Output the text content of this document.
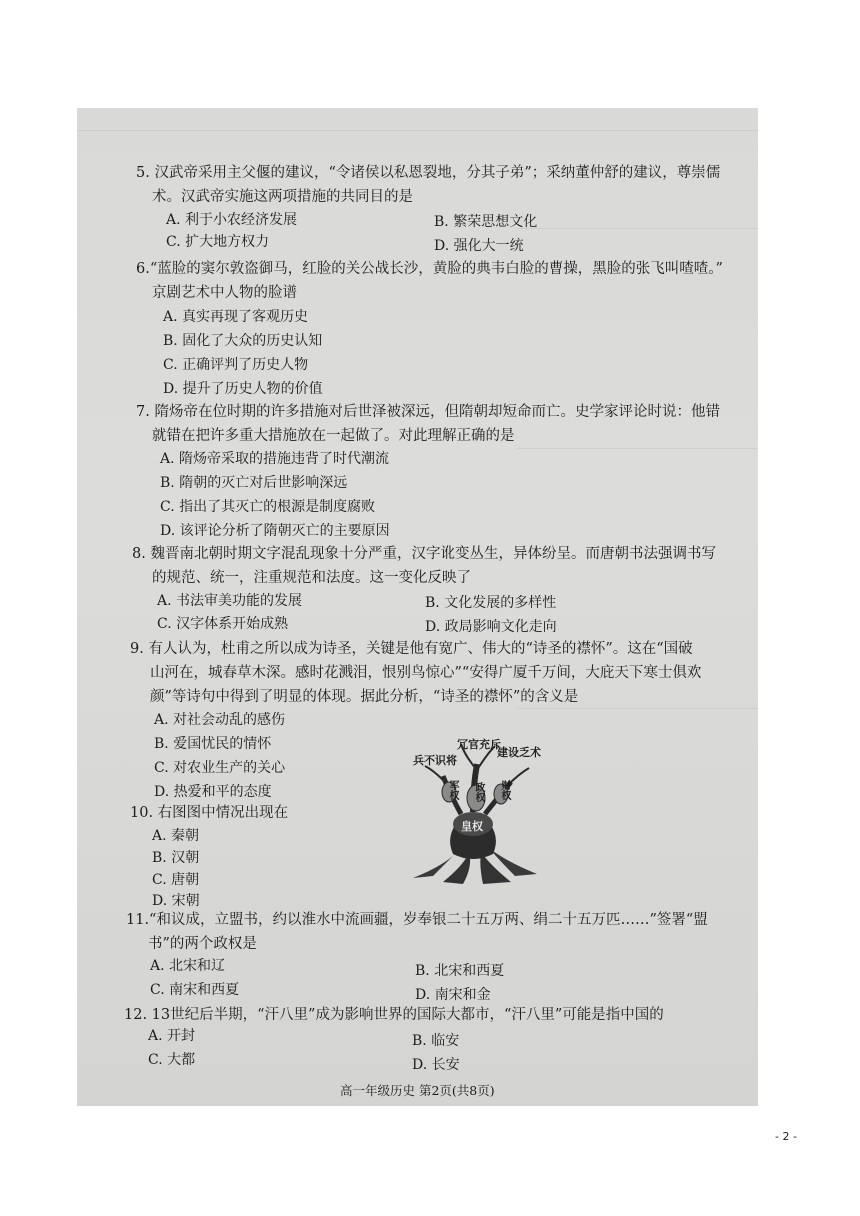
5. 汉武帝采用主父偃的建议，“令诸侯以私恩裂地，分其子弟”；采纳董仲舒的建议，尊崇儒
术。汉武帝实施这两项措施的共同目的是
A. 利于小农经济发展	B. 繁荣思想文化
C. 扩大地方权力	D. 强化大一统
6.“蓝脸的窦尔敦盗御马，红脸的关公战长沙，黄脸的典韦白脸的曹操，黑脸的张飞叫喳喳。”
京剧艺术中人物的脸谱
A. 真实再现了客观历史
B. 固化了大众的历史认知
C. 正确评判了历史人物
D. 提升了历史人物的价值
7. 隋炀帝在位时期的许多措施对后世泽被深远，但隋朝却短命而亡。史学家评论时说：他错
就错在把许多重大措施放在一起做了。对此理解正确的是
A. 隋炀帝采取的措施违背了时代潮流
B. 隋朝的灭亡对后世影响深远
C. 指出了其灭亡的根源是制度腐败
D. 该评论分析了隋朝灭亡的主要原因
8. 魏晋南北朝时期文字混乱现象十分严重，汉字讹变丛生，异体纷呈。而唐朝书法强调书写
的规范、统一，注重规范和法度。这一变化反映了
A. 书法审美功能的发展	B. 文化发展的多样性
C. 汉字体系开始成熟	D. 政局影响文化走向
9. 有人认为，杜甫之所以成为诗圣，关键是他有宽广、伟大的“诗圣的襟怀”。这在“国破
山河在，城春草木深。感时花溅泪，恨别鸟惊心”“安得广厦千万间，大庇天下寒士俱欢
颜”等诗句中得到了明显的体现。据此分析，“诗圣的襟怀”的含义是
A. 对社会动乱的感伤
B. 爱国忧民的情怀
C. 对农业生产的关心
D. 热爱和平的态度
10. 右图图中情况出现在
A. 秦朝
B. 汉朝
C. 唐朝
D. 宋朝
冗官充斥
兵不识将
建设乏术
军权 政权 财权
皇权
11.“和议成，立盟书，约以淮水中流画疆，岁奉银二十五万两、绢二十五万匹……”签署“盟
书”的两个政权是
A. 北宋和辽	B. 北宋和西夏
C. 南宋和西夏	D. 南宋和金
12. 13世纪后半期，“汗八里”成为影响世界的国际大都市，“汗八里”可能是指中国的
A. 开封	B. 临安
C. 大都	D. 长安
高一年级历史 第2页(共8页)
- 2 -
